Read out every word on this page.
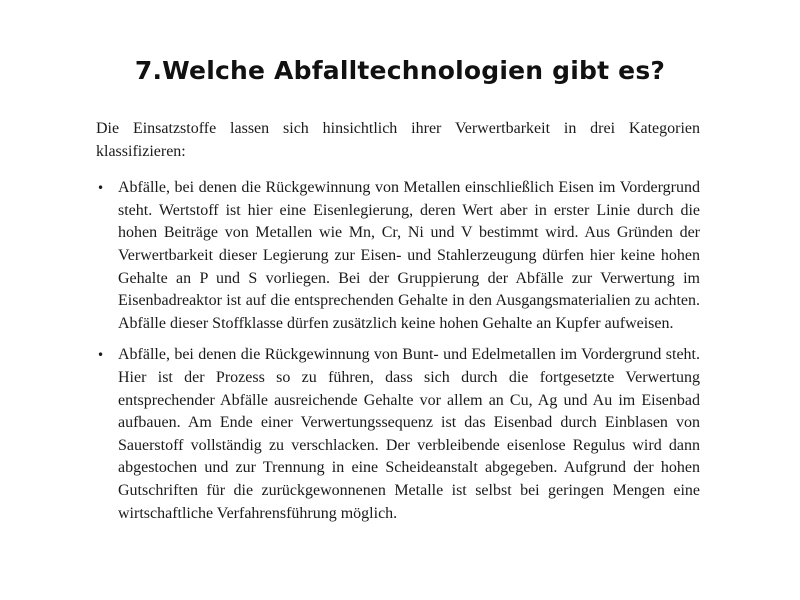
7.Welche Abfalltechnologien gibt es?

Die Einsatzstoffe lassen sich hinsichtlich ihrer Verwertbarkeit in drei Kategorien klassifizieren:

• Abfälle, bei denen die Rückgewinnung von Metallen einschließlich Eisen im Vordergrund steht. Wertstoff ist hier eine Eisenlegierung, deren Wert aber in erster Linie durch die hohen Beiträge von Metallen wie Mn, Cr, Ni und V bestimmt wird. Aus Gründen der Verwertbarkeit dieser Legierung zur Eisen- und Stahlerzeugung dürfen hier keine hohen Gehalte an P und S vorliegen. Bei der Gruppierung der Abfälle zur Verwertung im Eisenbadreaktor ist auf die entsprechenden Gehalte in den Ausgangsmaterialien zu achten. Abfälle dieser Stoffklasse dürfen zusätzlich keine hohen Gehalte an Kupfer aufweisen.
• Abfälle, bei denen die Rückgewinnung von Bunt- und Edelmetallen im Vordergrund steht. Hier ist der Prozess so zu führen, dass sich durch die fortgesetzte Verwertung entsprechender Abfälle ausreichende Gehalte vor allem an Cu, Ag und Au im Eisenbad aufbauen. Am Ende einer Verwertungssequenz ist das Eisenbad durch Einblasen von Sauerstoff vollständig zu verschlacken. Der verbleibende eisenlose Regulus wird dann abgestochen und zur Trennung in eine Scheideanstalt abgegeben. Aufgrund der hohen Gutschriften für die zurückgewonnenen Metalle ist selbst bei geringen Mengen eine wirtschaftliche Verfahrensführung möglich.
